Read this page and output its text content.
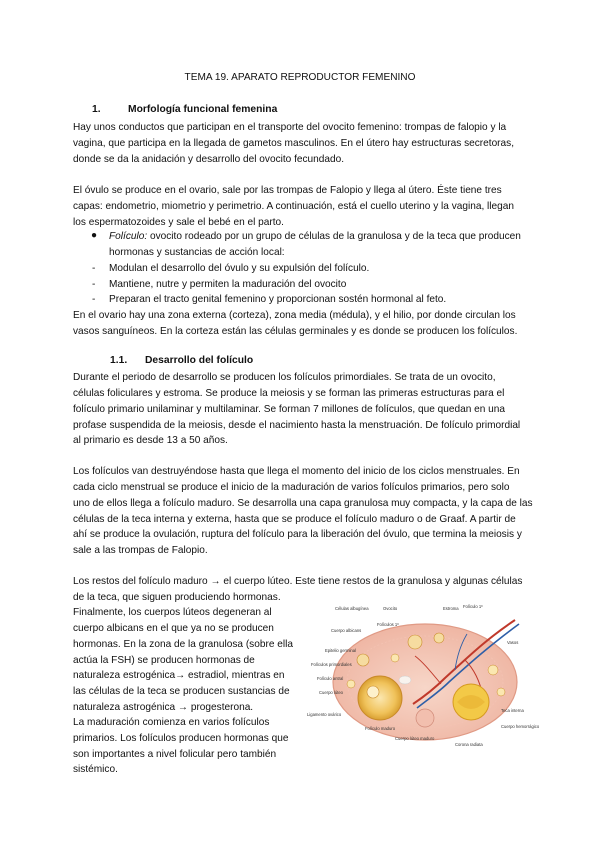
TEMA 19. APARATO REPRODUCTOR FEMENINO
1.	Morfología funcional femenina
Hay unos conductos que participan en el transporte del ovocito femenino: trompas de falopio y la
vagina, que participa en la llegada de gametos masculinos. En el útero hay estructuras secretoras,
donde se da la anidación y desarrollo del ovocito fecundado.
El óvulo se produce en el ovario, sale por las trompas de Falopio y llega al útero. Éste tiene tres
capas: endometrio, miometrio y perimetrio. A continuación, está el cuello uterino y la vagina, llegan
los espermatozoides y sale el bebé en el parto.
● Folículo: ovocito rodeado por un grupo de células de la granulosa y de la teca que producen
hormonas y sustancias de acción local:
- Modulan el desarrollo del óvulo y su expulsión del folículo.
- Mantiene, nutre y permiten la maduración del ovocito
- Preparan el tracto genital femenino y proporcionan sostén hormonal al feto.
En el ovario hay una zona externa (corteza), zona media (médula), y el hilio, por donde circulan los
vasos sanguíneos. En la corteza están las células germinales y es donde se producen los folículos.
1.1. Desarrollo del folículo
Durante el periodo de desarrollo se producen los folículos primordiales. Se trata de un ovocito,
células foliculares y estroma. Se produce la meiosis y se forman las primeras estructuras para el
folículo primario unilaminar y multilaminar. Se forman 7 millones de folículos, que quedan en una
profase suspendida de la meiosis, desde el nacimiento hasta la menstruación. De folículo primordial
al primario es desde 13 a 50 años.
Los folículos van destruyéndose hasta que llega el momento del inicio de los ciclos menstruales. En
cada ciclo menstrual se produce el inicio de la maduración de varios folículos primarios, pero solo
uno de ellos llega a folículo maduro. Se desarrolla una capa granulosa muy compacta, y la capa de las
células de la teca interna y externa, hasta que se produce el folículo maduro o de Graaf. A partir de
ahí se produce la ovulación, ruptura del folículo para la liberación del óvulo, que termina la meiosis y
sale a las trompas de Falopio.
Los restos del folículo maduro → el cuerpo lúteo. Este tiene restos de la granulosa y algunas células
de la teca, que siguen produciendo hormonas.
Finalmente, los cuerpos lúteos degeneran al
cuerpo albicans en el que ya no se producen
hormonas. En la zona de la granulosa (sobre ella
actúa la FSH) se producen hormonas de
naturaleza estrogénica→ estradiol, mientras en
las células de la teca se producen sustancias de
naturaleza astrogénica → progesterona.
La maduración comienza en varios folículos
primarios. Los folículos producen hormonas que
son importantes a nivel folicular pero también
sistémico.
Folículo 1º
Estroma
Células albugínea	Ovocito
Cuerpo albicans
Folículos 1º
Epitelio germinal
Folículos primordiales
Folículo antral
Cuerpo lúteo
Ligamento ovárico
Cuerpo lúteo maduro
Vasos
Teca interna
Cuerpo hemorrágico
Folículo maduro
Corona radiata
